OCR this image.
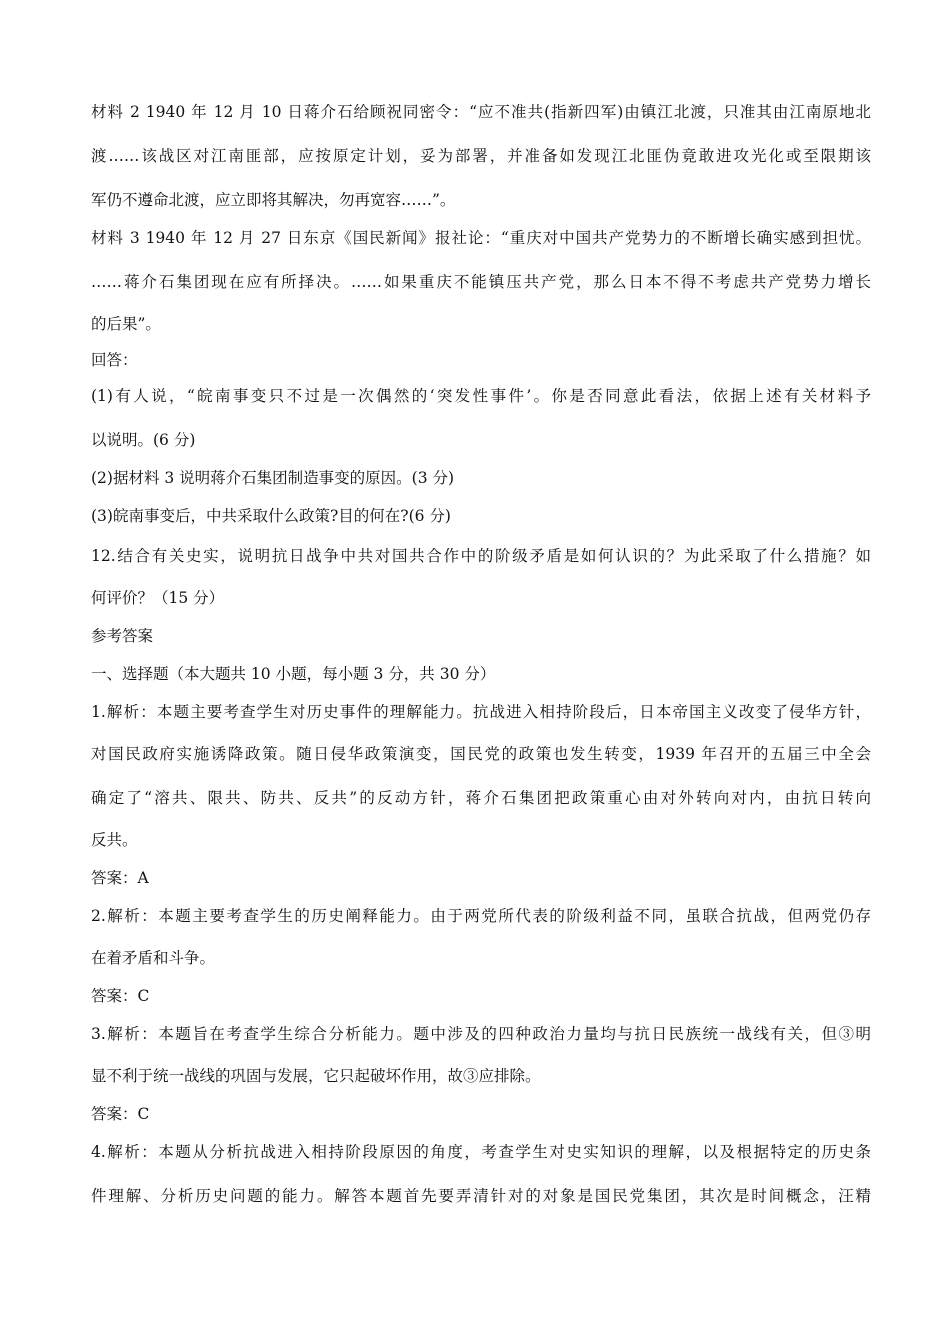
材料 2 1940 年 12 月 10 日蒋介石给顾祝同密令：“应不准共(指新四军)由镇江北渡，只准其由江南原地北
渡……该战区对江南匪部，应按原定计划，妥为部署，并准备如发现江北匪伪竟敢进攻光化或至限期该
军仍不遵命北渡，应立即将其解决，勿再宽容……”。
材料 3 1940 年 12 月 27 日东京《国民新闻》报社论：“重庆对中国共产党势力的不断增长确实感到担忧。
……蒋介石集团现在应有所择决。……如果重庆不能镇压共产党，那么日本不得不考虑共产党势力增长
的后果”。
回答：
(1)有人说，“皖南事变只不过是一次偶然的‘突发性事件’。你是否同意此看法，依据上述有关材料予
以说明。(6 分)
(2)据材料 3 说明蒋介石集团制造事变的原因。(3 分)
(3)皖南事变后，中共采取什么政策?目的何在?(6 分)
12.结合有关史实，说明抗日战争中共对国共合作中的阶级矛盾是如何认识的？为此采取了什么措施？如
何评价？（15 分）
参考答案
一、选择题（本大题共 10 小题，每小题 3 分，共 30 分）
1.解析：本题主要考查学生对历史事件的理解能力。抗战进入相持阶段后，日本帝国主义改变了侵华方针，
对国民政府实施诱降政策。随日侵华政策演变，国民党的政策也发生转变，1939 年召开的五届三中全会
确定了“溶共、限共、防共、反共”的反动方针，蒋介石集团把政策重心由对外转向对内，由抗日转向
反共。
答案：A
2.解析：本题主要考查学生的历史阐释能力。由于两党所代表的阶级利益不同，虽联合抗战，但两党仍存
在着矛盾和斗争。
答案：C
3.解析：本题旨在考查学生综合分析能力。题中涉及的四种政治力量均与抗日民族统一战线有关，但③明
显不利于统一战线的巩固与发展，它只起破坏作用，故③应排除。
答案：C
4.解析：本题从分析抗战进入相持阶段原因的角度，考查学生对史实知识的理解，以及根据特定的历史条
件理解、分析历史问题的能力。解答本题首先要弄清针对的对象是国民党集团，其次是时间概念，汪精
